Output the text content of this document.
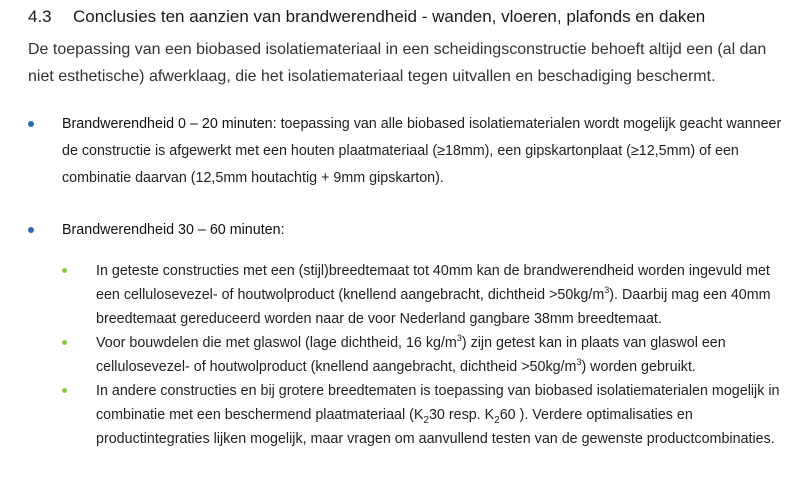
4.3 Conclusies ten aanzien van brandwerendheid - wanden, vloeren, plafonds en daken
De toepassing van een biobased isolatiemateriaal in een scheidingsconstructie behoeft altijd een (al dan niet esthetische) afwerklaag, die het isolatiemateriaal tegen uitvallen en beschadiging beschermt.
Brandwerendheid 0 – 20 minuten: toepassing van alle biobased isolatiematerialen wordt mogelijk geacht wanneer de constructie is afgewerkt met een houten plaatmateriaal (≥18mm), een gipskartonplaat (≥12,5mm) of een combinatie daarvan (12,5mm houtachtig + 9mm gipskarton).
Brandwerendheid 30 – 60 minuten:
In geteste constructies met een (stijl)breedtemaat tot 40mm kan de brandwerendheid worden ingevuld met een cellulosevezel- of houtwolproduct (knellend aangebracht, dichtheid $>50kg/m^3$). Daarbij mag een 40mm breedtemaat gereduceerd worden naar de voor Nederland gangbare 38mm breedtemaat.
Voor bouwdelen die met glaswol (lage dichtheid, 16 $kg/m^3$) zijn getest kan in plaats van glaswol een cellulosevezel- of houtwolproduct (knellend aangebracht, dichtheid $>50kg/m^3$) worden gebruikt.
In andere constructies en bij grotere breedtematen is toepassing van biobased isolatiematerialen mogelijk in combinatie met een beschermend plaatmateriaal ($K_230$ resp. $K_260$ ). Verdere optimalisaties en productintegraties lijken mogelijk, maar vragen om aanvullend testen van de gewenste productcombinaties.
